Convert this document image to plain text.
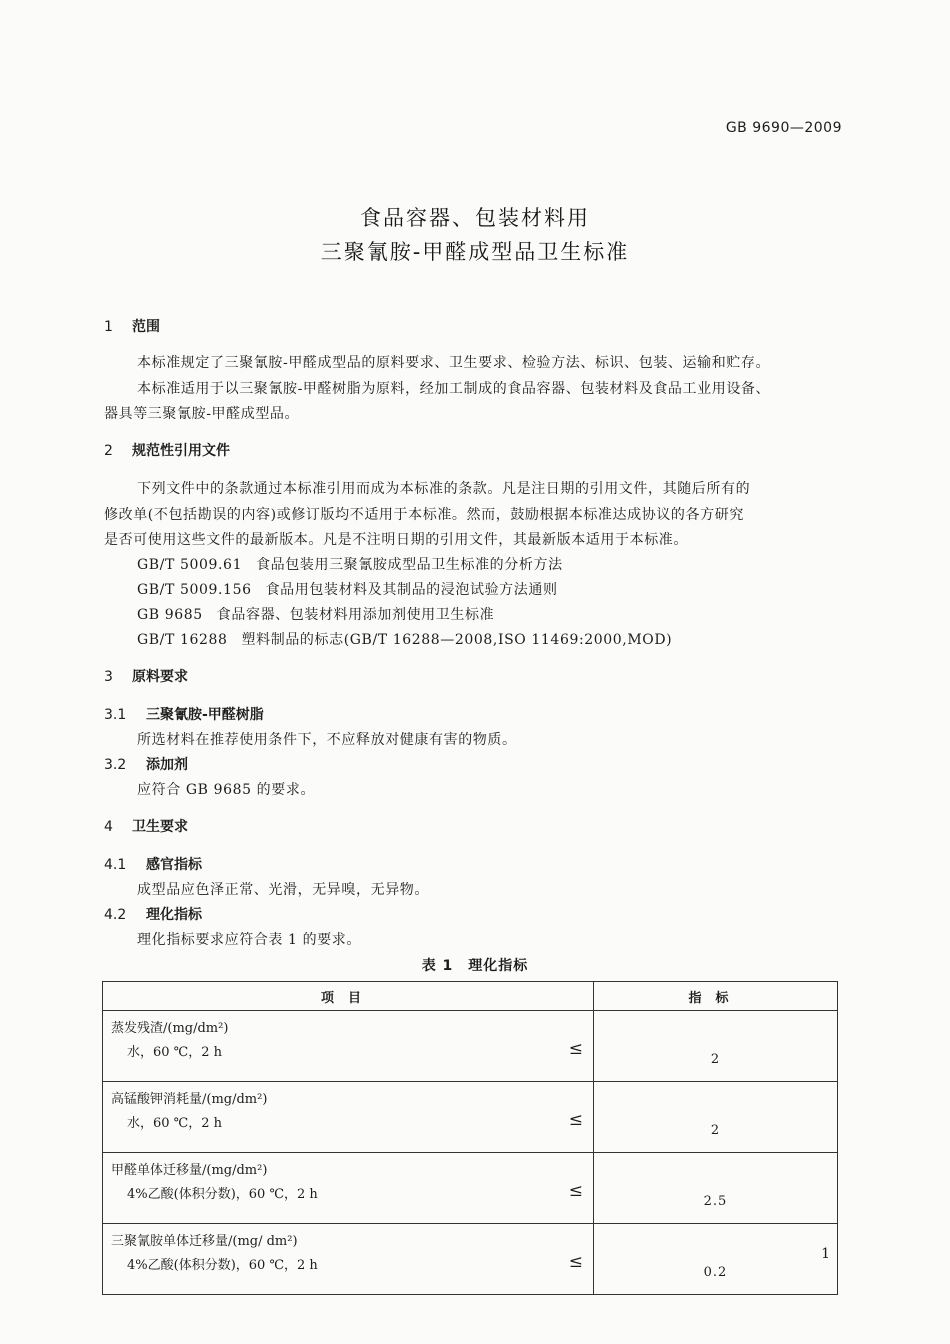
GB 9690—2009
食品容器、包装材料用
三聚氰胺-甲醛成型品卫生标准
1 范围
本标准规定了三聚氰胺-甲醛成型品的原料要求、卫生要求、检验方法、标识、包装、运输和贮存。
本标准适用于以三聚氰胺-甲醛树脂为原料，经加工制成的食品容器、包装材料及食品工业用设备、
器具等三聚氰胺-甲醛成型品。
2 规范性引用文件
下列文件中的条款通过本标准引用而成为本标准的条款。凡是注日期的引用文件，其随后所有的
修改单(不包括勘误的内容)或修订版均不适用于本标准。然而，鼓励根据本标准达成协议的各方研究
是否可使用这些文件的最新版本。凡是不注明日期的引用文件，其最新版本适用于本标准。
GB/T 5009.61 食品包装用三聚氰胺成型品卫生标准的分析方法
GB/T 5009.156 食品用包装材料及其制品的浸泡试验方法通则
GB 9685 食品容器、包装材料用添加剂使用卫生标准
GB/T 16288 塑料制品的标志(GB/T 16288—2008,ISO 11469:2000,MOD)
3 原料要求
3.1 三聚氰胺-甲醛树脂
所选材料在推荐使用条件下，不应释放对健康有害的物质。
3.2 添加剂
应符合 GB 9685 的要求。
4 卫生要求
4.1 感官指标
成型品应色泽正常、光滑，无异嗅，无异物。
4.2 理化指标
理化指标要求应符合表 1 的要求。
表 1　理化指标
项目	指标

蒸发残渣/(mg/dm²)
水，60 ℃，2 h ≤	2

高锰酸钾消耗量/(mg/dm²)
水，60 ℃，2 h ≤	2

甲醛单体迁移量/(mg/dm²)
4%乙酸(体积分数)，60 ℃，2 h ≤	2.5

三聚氰胺单体迁移量/(mg/ dm²)
4%乙酸(体积分数)，60 ℃，2 h ≤	0.2
1
